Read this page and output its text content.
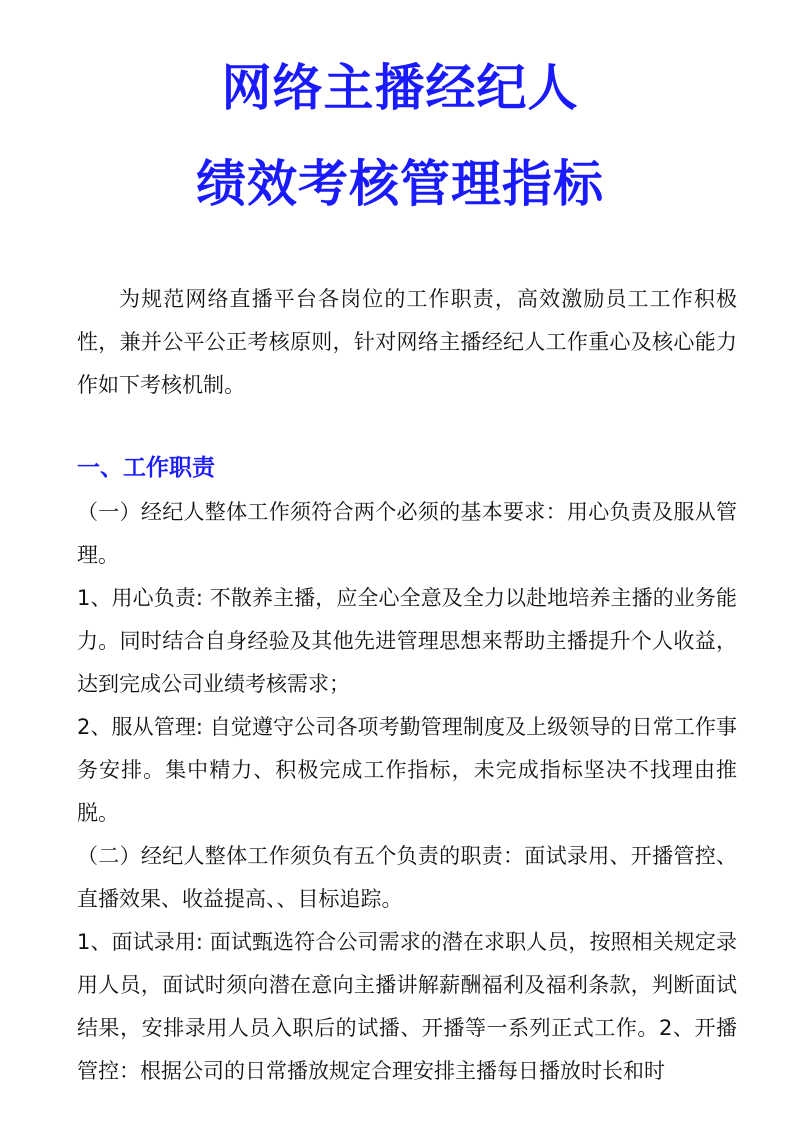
网络主播经纪人
绩效考核管理指标

为规范网络直播平台各岗位的工作职责，高效激励员工工作积极性，兼并公平公正考核原则，针对网络主播经纪人工作重心及核心能力作如下考核机制。

一、工作职责

（一）经纪人整体工作须符合两个必须的基本要求：用心负责及服从管理。

1、用心负责: 不散养主播，应全心全意及全力以赴地培养主播的业务能力。同时结合自身经验及其他先进管理思想来帮助主播提升个人收益，达到完成公司业绩考核需求；

2、服从管理: 自觉遵守公司各项考勤管理制度及上级领导的日常工作事务安排。集中精力、积极完成工作指标，未完成指标坚决不找理由推脱。

（二）经纪人整体工作须负有五个负责的职责：面试录用、开播管控、直播效果、收益提高、、目标追踪。

1、面试录用: 面试甄选符合公司需求的潜在求职人员，按照相关规定录用人员，面试时须向潜在意向主播讲解薪酬福利及福利条款，判断面试结果，安排录用人员入职后的试播、开播等一系列正式工作。2、开播管控：根据公司的日常播放规定合理安排主播每日播放时长和时
